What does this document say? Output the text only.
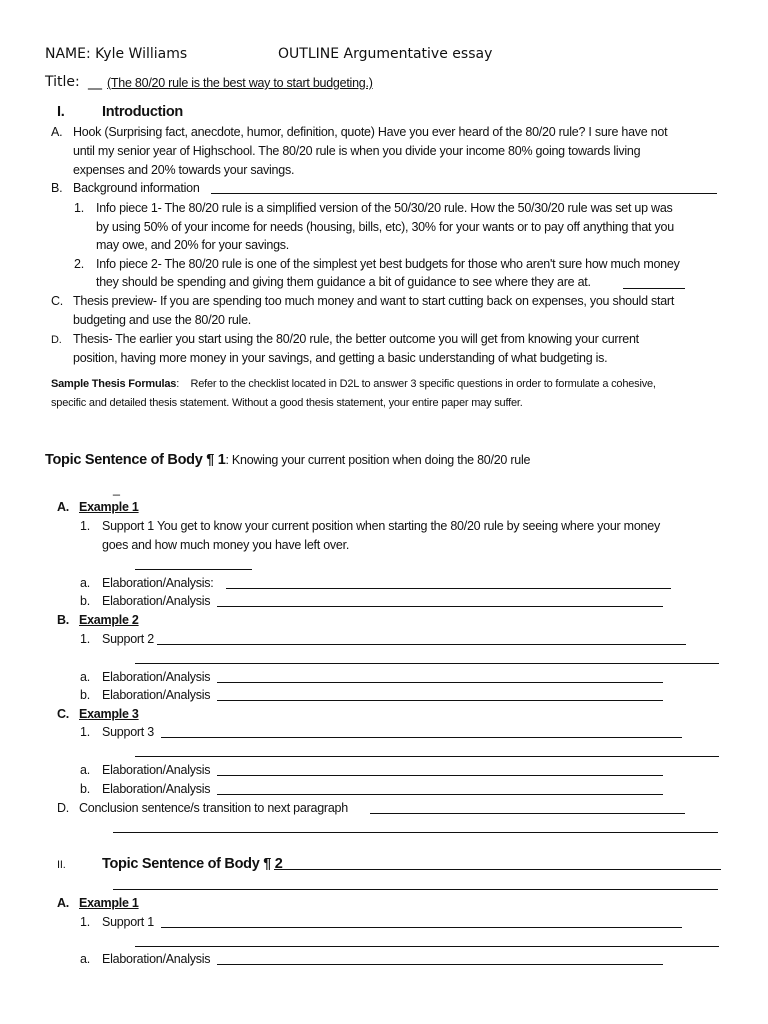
NAME: Kyle Williams	OUTLINE Argumentative essay
Title: __ (The 80/20 rule is the best way to start budgeting.)
I.	Introduction
A. Hook (Surprising fact, anecdote, humor, definition, quote) Have you ever heard of the 80/20 rule? I sure have not
until my senior year of Highschool. The 80/20 rule is when you divide your income 80% going towards living
expenses and 20% towards your savings.
B. Background information
1. Info piece 1- The 80/20 rule is a simplified version of the 50/30/20 rule. How the 50/30/20 rule was set up was
by using 50% of your income for needs (housing, bills, etc), 30% for your wants or to pay off anything that you
may owe, and 20% for your savings.
2. Info piece 2- The 80/20 rule is one of the simplest yet best budgets for those who aren't sure how much money
they should be spending and giving them guidance a bit of guidance to see where they are at.
C. Thesis preview- If you are spending too much money and want to start cutting back on expenses, you should start
budgeting and use the 80/20 rule.
D. Thesis- The earlier you start using the 80/20 rule, the better outcome you will get from knowing your current
position, having more money in your savings, and getting a basic understanding of what budgeting is.
Sample Thesis Formulas: Refer to the checklist located in D2L to answer 3 specific questions in order to formulate a cohesive,
specific and detailed thesis statement. Without a good thesis statement, your entire paper may suffer.
Topic Sentence of Body ¶ 1: Knowing your current position when doing the 80/20 rule
_
A. Example 1
1. Support 1 You get to know your current position when starting the 80/20 rule by seeing where your money
goes and how much money you have left over.
a. Elaboration/Analysis:
b. Elaboration/Analysis
B. Example 2
1. Support 2
a. Elaboration/Analysis
b. Elaboration/Analysis
C. Example 3
1. Support 3
a. Elaboration/Analysis
b. Elaboration/Analysis
D. Conclusion sentence/s transition to next paragraph
II.	Topic Sentence of Body ¶ 2
A. Example 1
1. Support 1
a. Elaboration/Analysis
